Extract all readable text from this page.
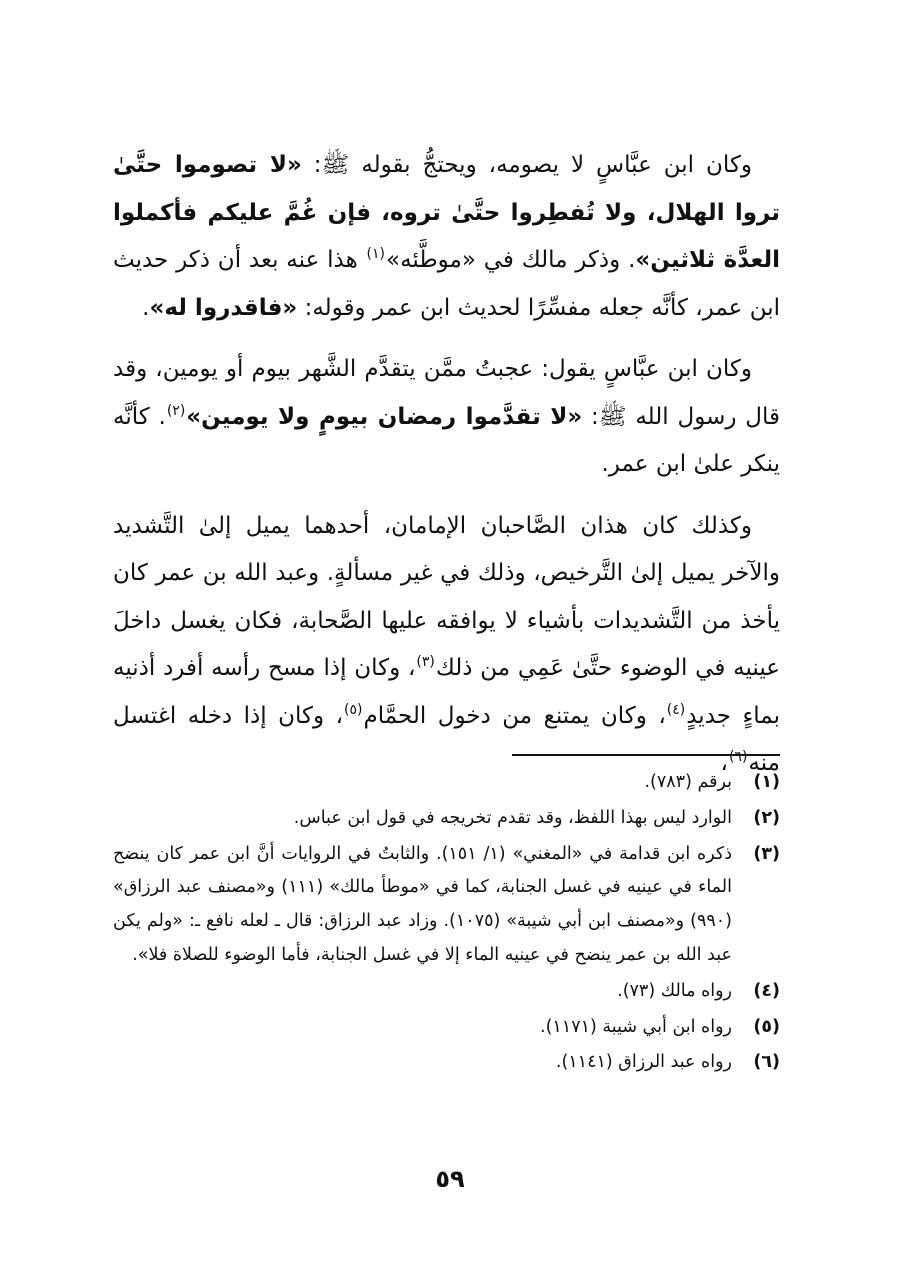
وكان ابن عبَّاسٍ لا يصومه، ويحتجُّ بقوله ﷺ: «لا تصوموا حتَّىٰ تروا الهلال، ولا تُفطِروا حتَّىٰ تروه، فإن غُمَّ عليكم فأكملوا العدَّة ثلاثين». وذكر مالك في «موطَّئه»$^{(١)}$ هذا عنه بعد أن ذكر حديث ابن عمر، كأنَّه جعله مفسِّرًا لحديث ابن عمر وقوله: «فاقدروا له».

وكان ابن عبَّاسٍ يقول: عجبتُ ممَّن يتقدَّم الشَّهر بيوم أو يومين، وقد قال رسول الله ﷺ: «لا تقدَّموا رمضان بيومٍ ولا يومين»$^{(٢)}$. كأنَّه ينكر علىٰ ابن عمر.

وكذلك كان هذان الصَّاحبان الإمامان، أحدهما يميل إلىٰ التَّشديد والآخر يميل إلىٰ التَّرخيص، وذلك في غير مسألةٍ. وعبد الله بن عمر كان يأخذ من التَّشديدات بأشياء لا يوافقه عليها الصَّحابة، فكان يغسل داخلَ عينيه في الوضوء حتَّىٰ عَمِي من ذلك$^{(٣)}$، وكان إذا مسح رأسه أفرد أذنيه بماءٍ جديدٍ$^{(٤)}$، وكان يمتنع من دخول الحمَّام$^{(٥)}$، وكان إذا دخله اغتسل منه$^{(٦)}$،

(١)
برقم (٧٨٣).
(٢)
الوارد ليس بهذا اللفظ، وقد تقدم تخريجه في قول ابن عباس.
(٣)
ذكره ابن قدامة في «المغني» (١/ ١٥١). والثابتُ في الروايات أنَّ ابن عمر كان ينضح الماء في عينيه في غسل الجنابة، كما في «موطأ مالك» (١١١) و«مصنف عبد الرزاق» (٩٩٠) و«مصنف ابن أبي شيبة» (١٠٧٥). وزاد عبد الرزاق: قال ـ لعله نافع ـ: «ولم يكن عبد الله بن عمر ينضح في عينيه الماء إلا في غسل الجنابة، فأما الوضوء للصلاة فلا».
(٤)
رواه مالك (٧٣).
(٥)
رواه ابن أبي شيبة (١١٧١).
(٦)
رواه عبد الرزاق (١١٤١).
٥٩
